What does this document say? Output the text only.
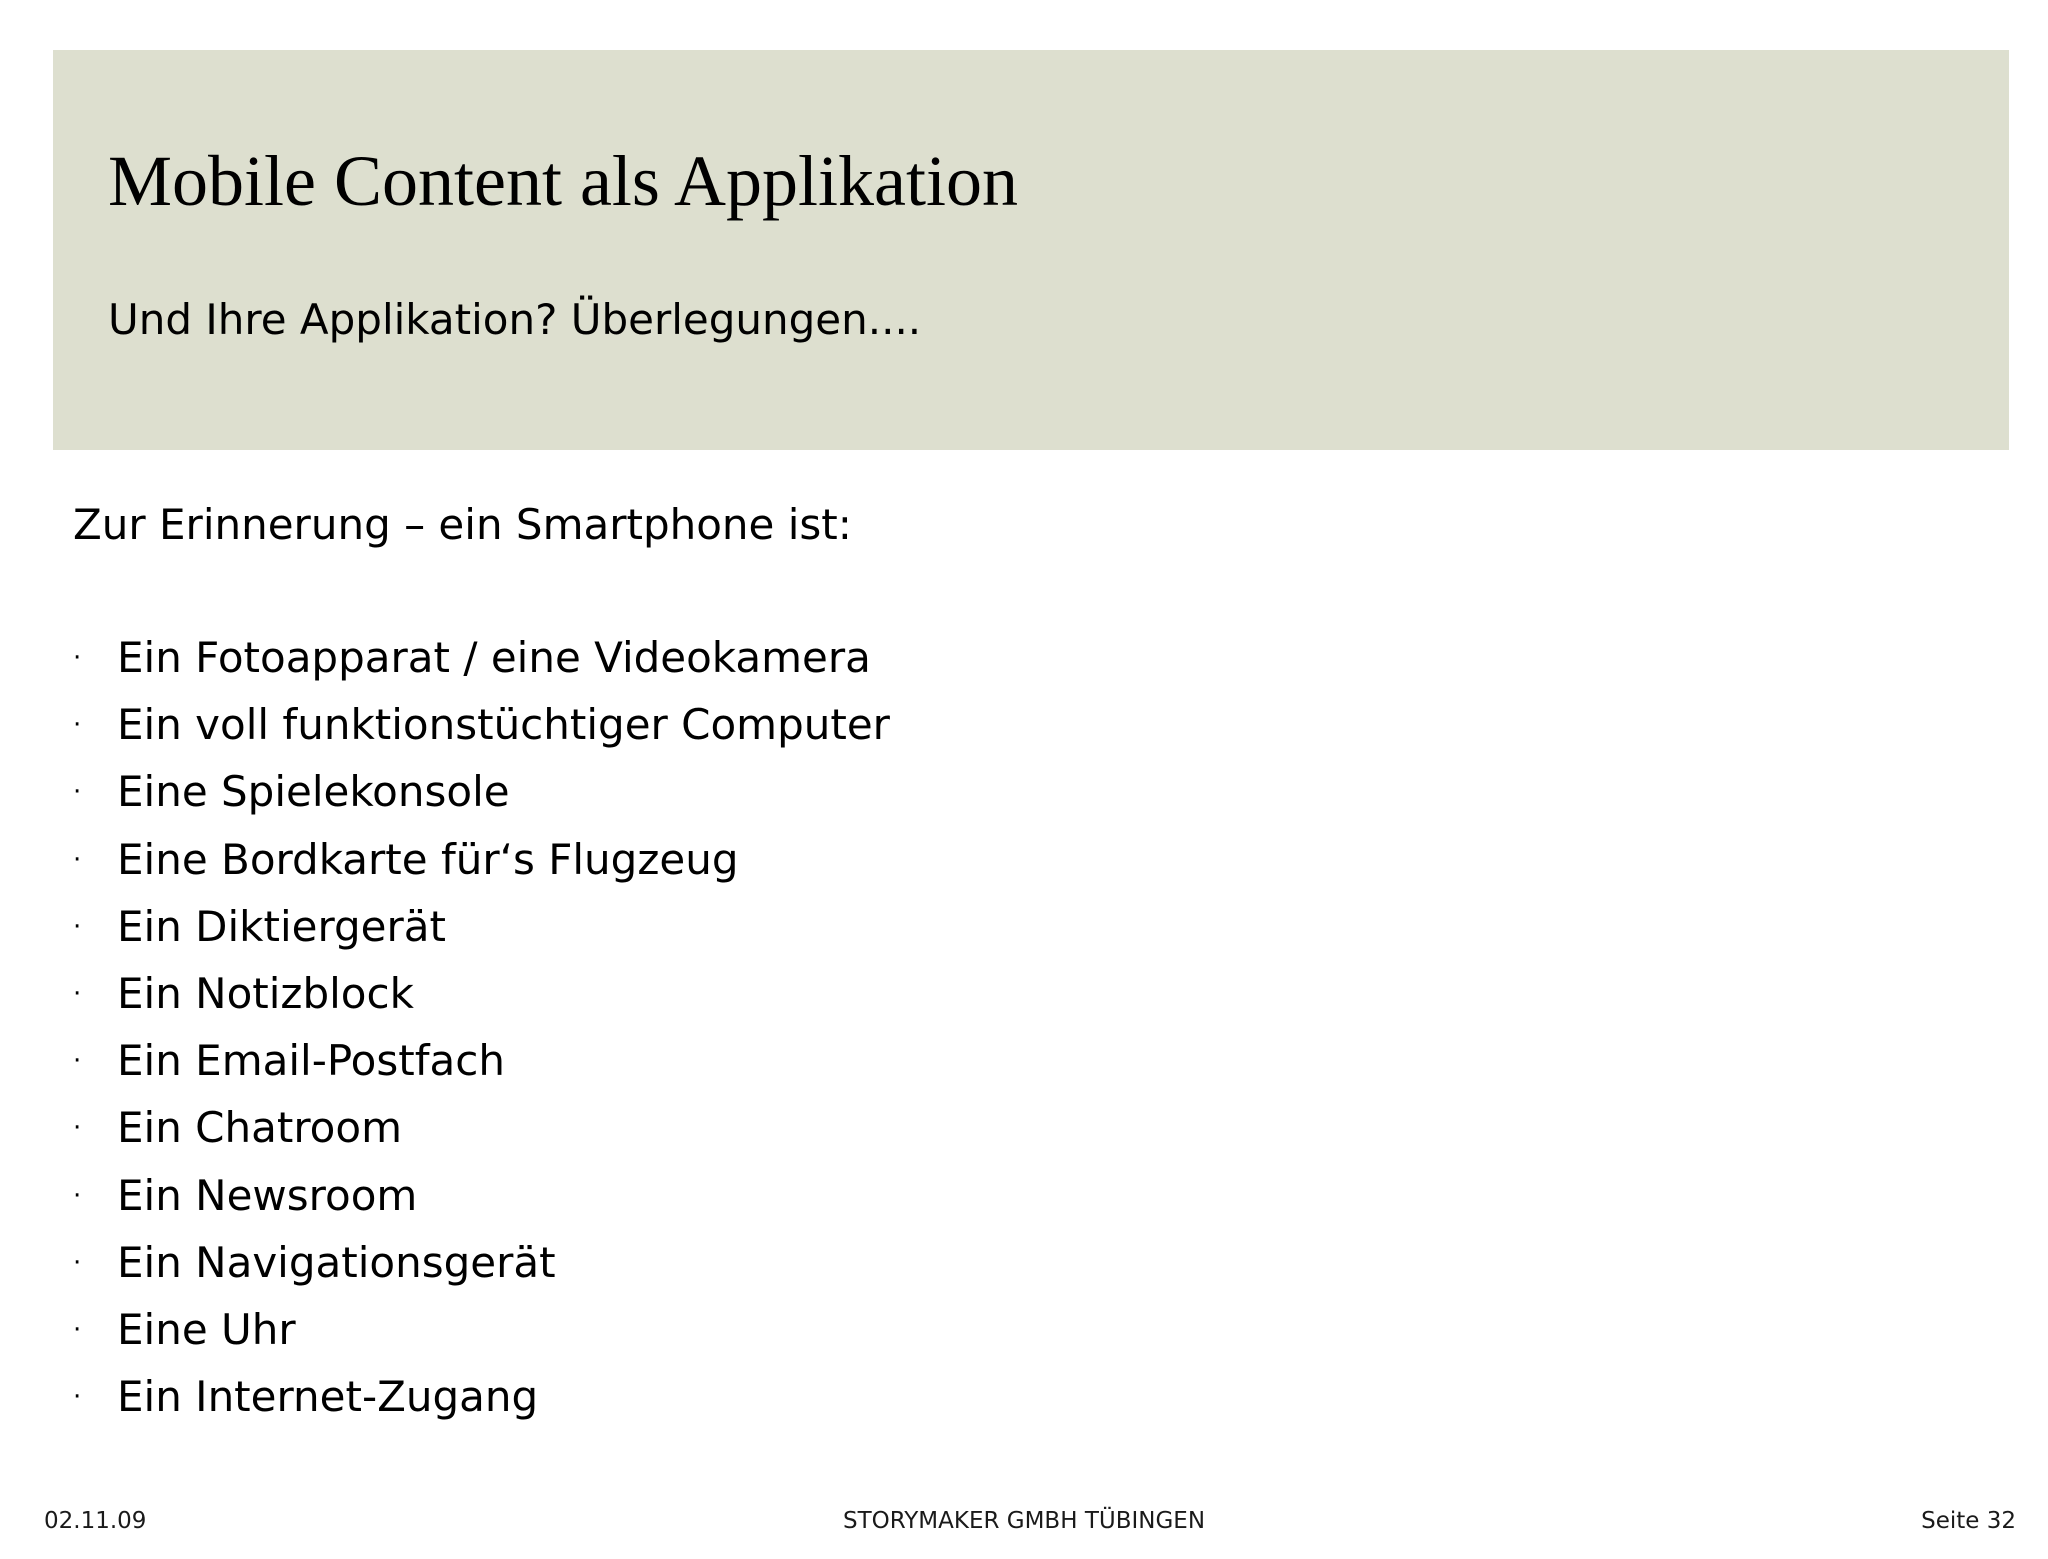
Mobile Content als Applikation

Und Ihre Applikation? Überlegungen....

Zur Erinnerung – ein Smartphone ist:

· Ein Fotoapparat / eine Videokamera
· Ein voll funktionstüchtiger Computer
· Eine Spielekonsole
· Eine Bordkarte für‘s Flugzeug
· Ein Diktiergerät
· Ein Notizblock
· Ein Email-Postfach
· Ein Chatroom
· Ein Newsroom
· Ein Navigationsgerät
· Eine Uhr
· Ein Internet-Zugang
02.11.09	STORYMAKER GMBH TÜBINGEN	Seite 32
